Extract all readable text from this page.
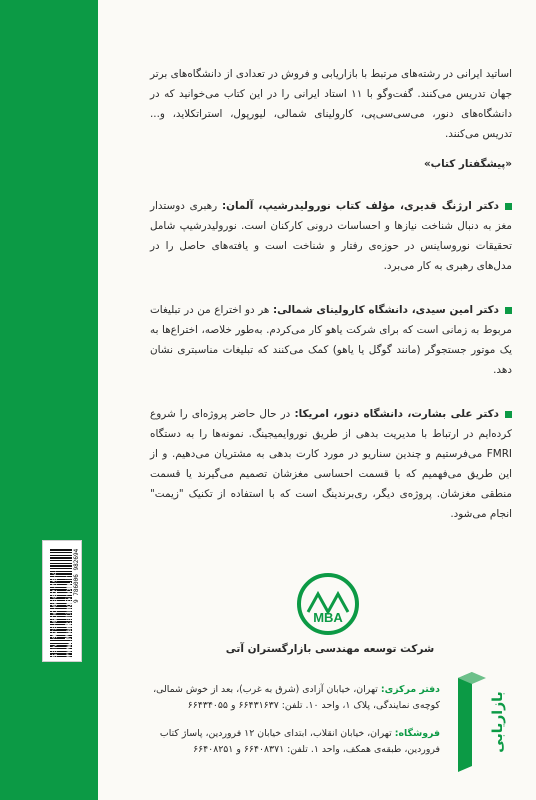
9 786006 982694
ISBN: 978-600-6982-69-4 www.MarketingShop.ir

اساتید ایرانی در رشته‌های مرتبط با بازاریابی و فروش در تعدادی از دانشگاه‌های برتر جهان تدریس می‌کنند. گفت‌وگو با ۱۱ استاد ایرانی را در این کتاب می‌خوانید که در دانشگاه‌های دنور، می‌سی‌سی‌پی، کارولینای شمالی، لیورپول، استراتکلاید، و... تدریس می‌کنند.

«پیشگفتار کتاب»

دکتر ارژنگ قدیری، مؤلف کتاب نورولیدرشیپ، آلمان: رهبری دوستدار مغز به دنبال شناخت نیازها و احساسات درونی کارکنان است. نورولیدرشیپ شامل تحقیقات نوروساینس در حوزه‌ی رفتار و شناخت است و یافته‌های حاصل را در مدل‌های رهبری به کار می‌برد.

دکتر امین سیدی، دانشگاه کارولینای شمالی: هر دو اختراع من در تبلیغات مربوط به زمانی است که برای شرکت یاهو کار می‌کردم. به‌طور خلاصه، اختراع‌ها به یک موتور جستجوگر (مانند گوگل یا یاهو) کمک می‌کنند که تبلیغات مناسبتری نشان دهد.

دکتر علی بشارت، دانشگاه دنور، امریکا: در حال حاضر پروژه‌ای را شروع کرده‌ایم در ارتباط با مدیریت بدهی از طریق نوروایمیجینگ. نمونه‌ها را به دستگاه FMRI می‌فرستیم و چندین سناریو در مورد کارت بدهی به مشتریان می‌دهیم. و از این طریق می‌فهمیم که با قسمت احساسی مغزشان تصمیم می‌گیرند یا قسمت منطقی مغزشان. پروژه‌ی دیگر، ری‌برندینگ است که با استفاده از تکنیک "زیمت" انجام می‌شود.

MBA
شرکت توسعه مهندسی بازارگستران آتی

دفتر مرکزی: تهران، خیابان آزادی (شرق به غرب)، بعد از خوش شمالی، کوچه‌ی نمایندگی، پلاک ۱، واحد ۱۰. تلفن: ۶۶۴۳۱۶۳۷ و ۶۶۴۳۴۰۵۵

فروشگاه: تهران، خیابان انقلاب، ابتدای خیابان ۱۲ فروردین، پاساژ کتاب فروردین، طبقه‌ی همکف، واحد ۱. تلفن: ۶۶۴۰۸۳۷۱ و ۶۶۴۰۸۲۵۱	بازاریابی
